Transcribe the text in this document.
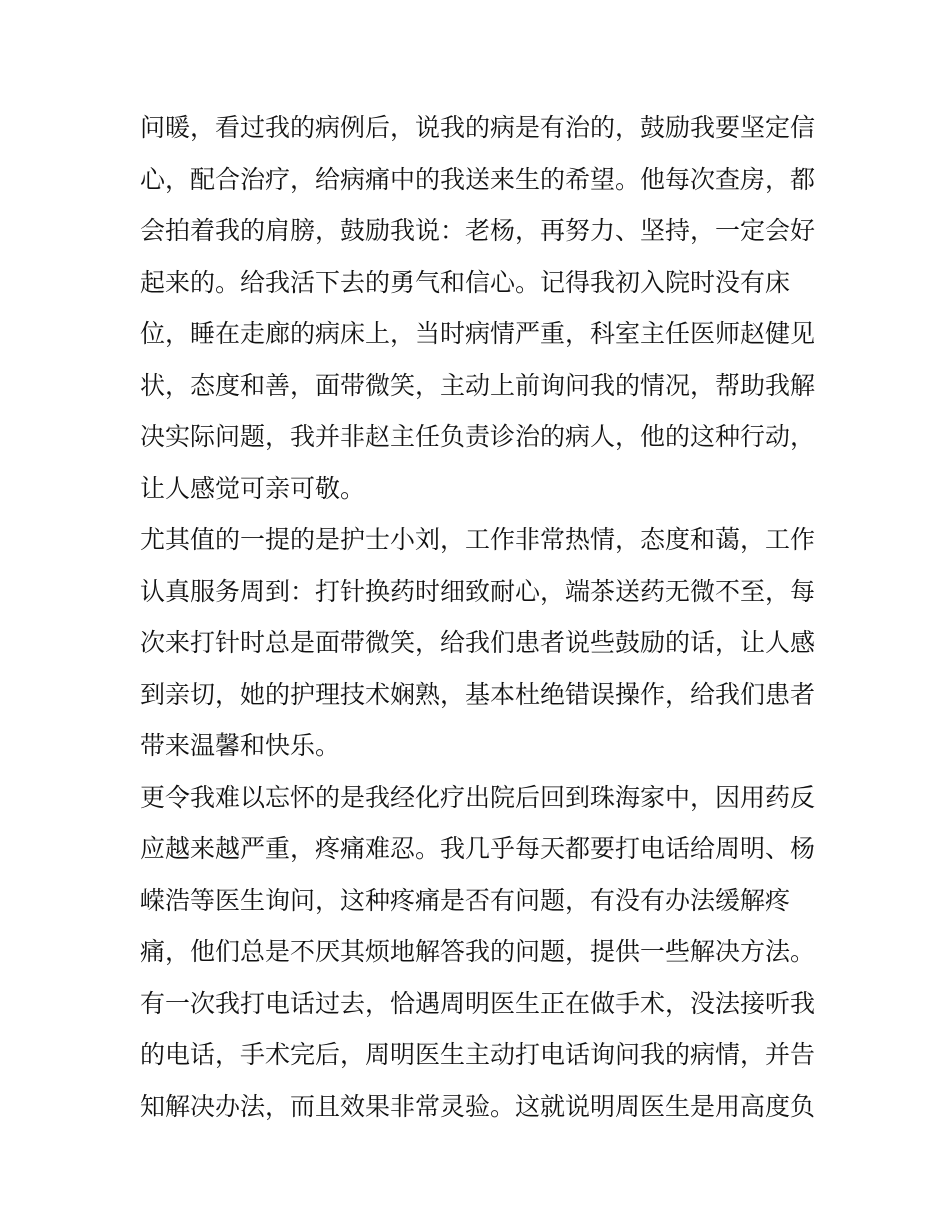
问暖，看过我的病例后，说我的病是有治的，鼓励我要坚定信
心，配合治疗，给病痛中的我送来生的希望。他每次查房，都
会拍着我的肩膀，鼓励我说：老杨，再努力、坚持，一定会好
起来的。给我活下去的勇气和信心。记得我初入院时没有床
位，睡在走廊的病床上，当时病情严重，科室主任医师赵健见
状，态度和善，面带微笑，主动上前询问我的情况，帮助我解
决实际问题，我并非赵主任负责诊治的病人，他的这种行动，
让人感觉可亲可敬。
尤其值的一提的是护士小刘，工作非常热情，态度和蔼，工作
认真服务周到：打针换药时细致耐心，端茶送药无微不至，每
次来打针时总是面带微笑，给我们患者说些鼓励的话，让人感
到亲切，她的护理技术娴熟，基本杜绝错误操作，给我们患者
带来温馨和快乐。
更令我难以忘怀的是我经化疗出院后回到珠海家中，因用药反
应越来越严重，疼痛难忍。我几乎每天都要打电话给周明、杨
嵘浩等医生询问，这种疼痛是否有问题，有没有办法缓解疼
痛，他们总是不厌其烦地解答我的问题，提供一些解决方法。
有一次我打电话过去，恰遇周明医生正在做手术，没法接听我
的电话，手术完后，周明医生主动打电话询问我的病情，并告
知解决办法，而且效果非常灵验。这就说明周医生是用高度负
